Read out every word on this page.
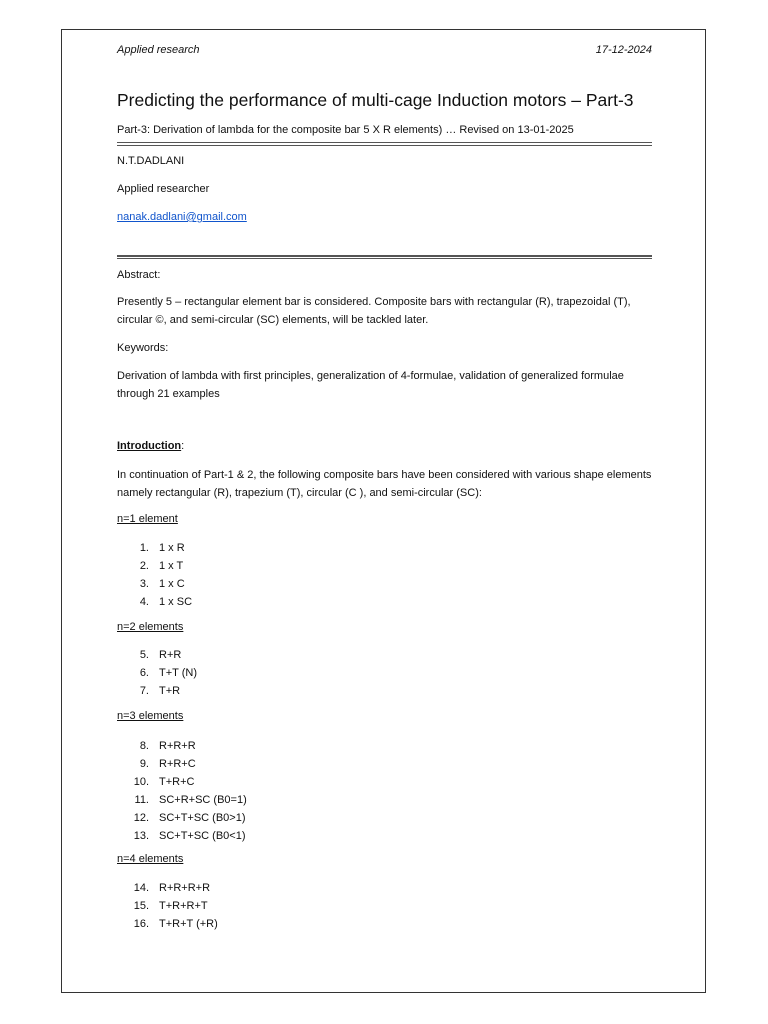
Applied research	17-12-2024
Predicting the performance of multi-cage Induction motors – Part-3
Part-3: Derivation of lambda for the composite bar 5 X R elements) … Revised on 13-01-2025
N.T.DADLANI
Applied researcher
nanak.dadlani@gmail.com
Abstract:
Presently 5 – rectangular element bar is considered. Composite bars with rectangular (R), trapezoidal (T), circular ©, and semi-circular (SC) elements, will be tackled later.
Keywords:
Derivation of lambda with first principles, generalization of 4-formulae, validation of generalized formulae through 21 examples
Introduction:
In continuation of Part-1 & 2, the following composite bars have been considered with various shape elements namely rectangular (R), trapezium (T), circular (C ), and semi-circular (SC):
n=1 element
1. 1 x R
2. 1 x T
3. 1 x C
4. 1 x SC
n=2 elements
5. R+R
6. T+T (N)
7. T+R
n=3 elements
8. R+R+R
9. R+R+C
10. T+R+C
11. SC+R+SC (B0=1)
12. SC+T+SC (B0>1)
13. SC+T+SC (B0<1)
n=4 elements
14. R+R+R+R
15. T+R+R+T
16. T+R+T (+R)
